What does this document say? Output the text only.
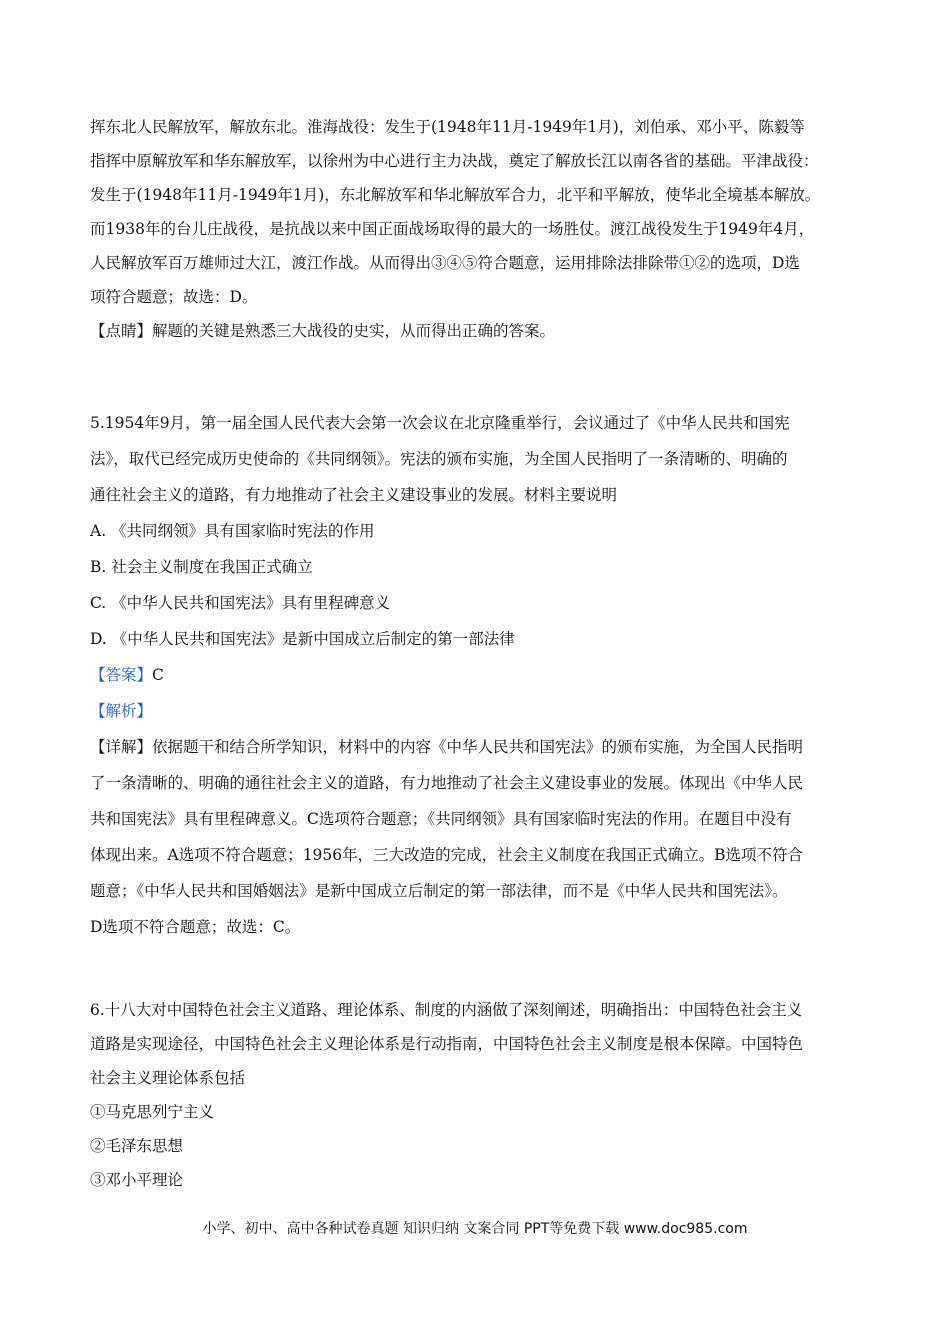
挥东北人民解放军，解放东北。淮海战役：发生于(1948年11月-1949年1月)，刘伯承、邓小平、陈毅等
指挥中原解放军和华东解放军，以徐州为中心进行主力决战，奠定了解放长江以南各省的基础。平津战役：
发生于(1948年11月-1949年1月)，东北解放军和华北解放军合力，北平和平解放，使华北全境基本解放。
而1938年的台儿庄战役，是抗战以来中国正面战场取得的最大的一场胜仗。渡江战役发生于1949年4月，
人民解放军百万雄师过大江，渡江作战。从而得出③④⑤符合题意，运用排除法排除带①②的选项，D选
项符合题意；故选：D。
【点睛】解题的关键是熟悉三大战役的史实，从而得出正确的答案。
5.1954年9月，第一届全国人民代表大会第一次会议在北京隆重举行，会议通过了《中华人民共和国宪
法》，取代已经完成历史使命的《共同纲领》。宪法的颁布实施，为全国人民指明了一条清晰的、明确的
通往社会主义的道路，有力地推动了社会主义建设事业的发展。材料主要说明
A. 《共同纲领》具有国家临时宪法的作用
B. 社会主义制度在我国正式确立
C. 《中华人民共和国宪法》具有里程碑意义
D. 《中华人民共和国宪法》是新中国成立后制定的第一部法律
【答案】C
【解析】
【详解】依据题干和结合所学知识，材料中的内容《中华人民共和国宪法》的颁布实施，为全国人民指明
了一条清晰的、明确的通往社会主义的道路，有力地推动了社会主义建设事业的发展。体现出《中华人民
共和国宪法》具有里程碑意义。C选项符合题意；《共同纲领》具有国家临时宪法的作用。在题目中没有
体现出来。A选项不符合题意；1956年，三大改造的完成，社会主义制度在我国正式确立。B选项不符合
题意；《中华人民共和国婚姻法》是新中国成立后制定的第一部法律，而不是《中华人民共和国宪法》。
D选项不符合题意；故选：C。
6.十八大对中国特色社会主义道路、理论体系、制度的内涵做了深刻阐述，明确指出：中国特色社会主义
道路是实现途径，中国特色社会主义理论体系是行动指南，中国特色社会主义制度是根本保障。中国特色
社会主义理论体系包括
①马克思列宁主义
②毛泽东思想
③邓小平理论
小学、初中、高中各种试卷真题 知识归纳 文案合同 PPT等免费下载 www.doc985.com
